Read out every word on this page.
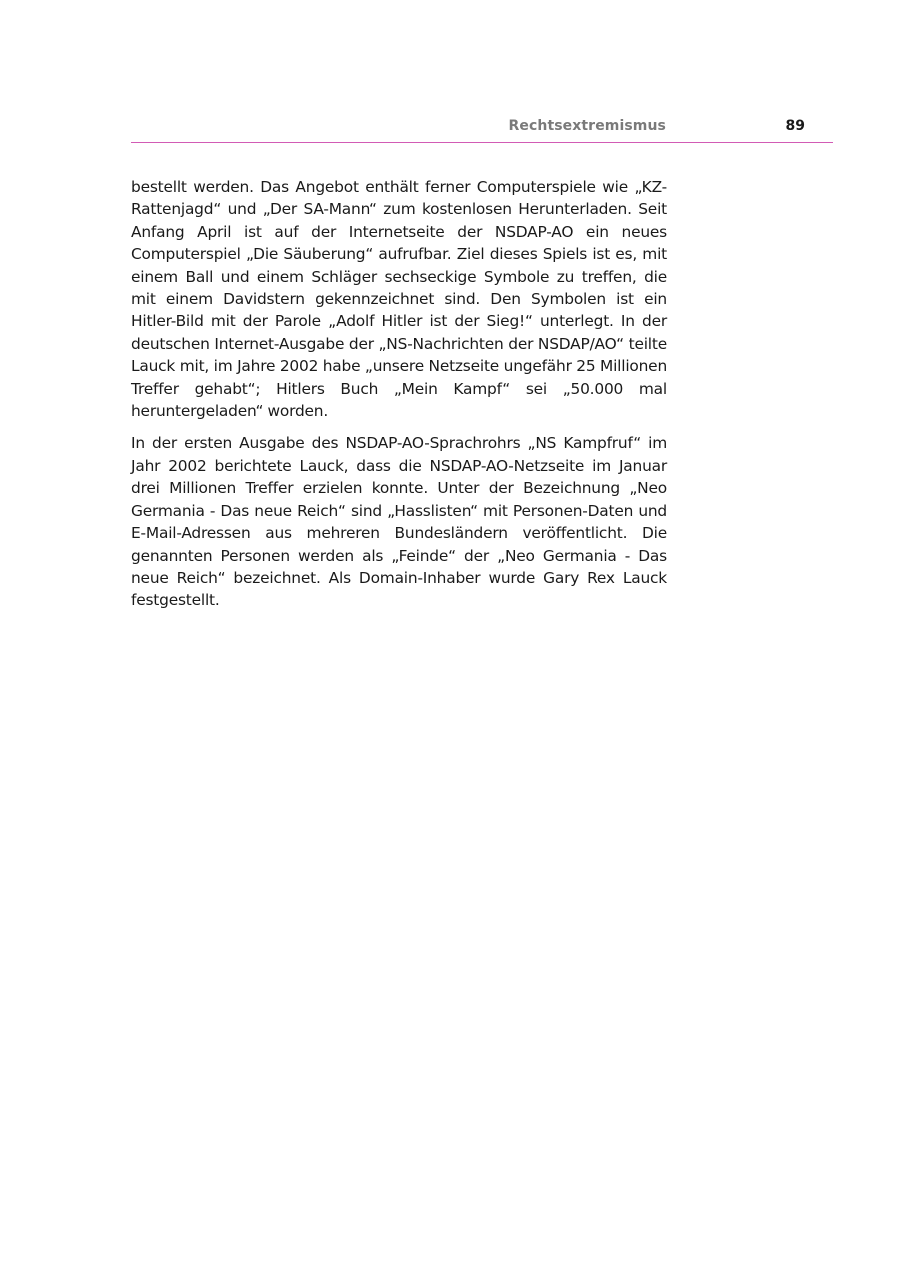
Rechtsextremismus	89

bestellt werden. Das Angebot enthält ferner Computerspiele wie „KZ-Rattenjagd“ und „Der SA-Mann“ zum kostenlosen Herunterladen. Seit Anfang April ist auf der Internetseite der NSDAP-AO ein neues Computerspiel „Die Säuberung“ aufrufbar. Ziel dieses Spiels ist es, mit einem Ball und einem Schläger sechseckige Symbole zu treffen, die mit einem Davidstern gekennzeichnet sind. Den Symbolen ist ein Hitler-Bild mit der Parole „Adolf Hitler ist der Sieg!“ unterlegt. In der deutschen Internet-Ausgabe der „NS-Nachrichten der NSDAP/AO“ teilte Lauck mit, im Jahre 2002 habe „unsere Netzseite ungefähr 25 Millionen Treffer gehabt“; Hitlers Buch „Mein Kampf“ sei „50.000 mal heruntergeladen“ worden.

In der ersten Ausgabe des NSDAP-AO-Sprachrohrs „NS Kampfruf“ im Jahr 2002 berichtete Lauck, dass die NSDAP-AO-Netzseite im Januar drei Millionen Treffer erzielen konnte. Unter der Bezeichnung „Neo Germania - Das neue Reich“ sind „Hasslisten“ mit Personen-Daten und E-Mail-Adressen aus mehreren Bundesländern veröffentlicht. Die genannten Personen werden als „Feinde“ der „Neo Germania - Das neue Reich“ bezeichnet. Als Domain-Inhaber wurde Gary Rex Lauck festgestellt.
